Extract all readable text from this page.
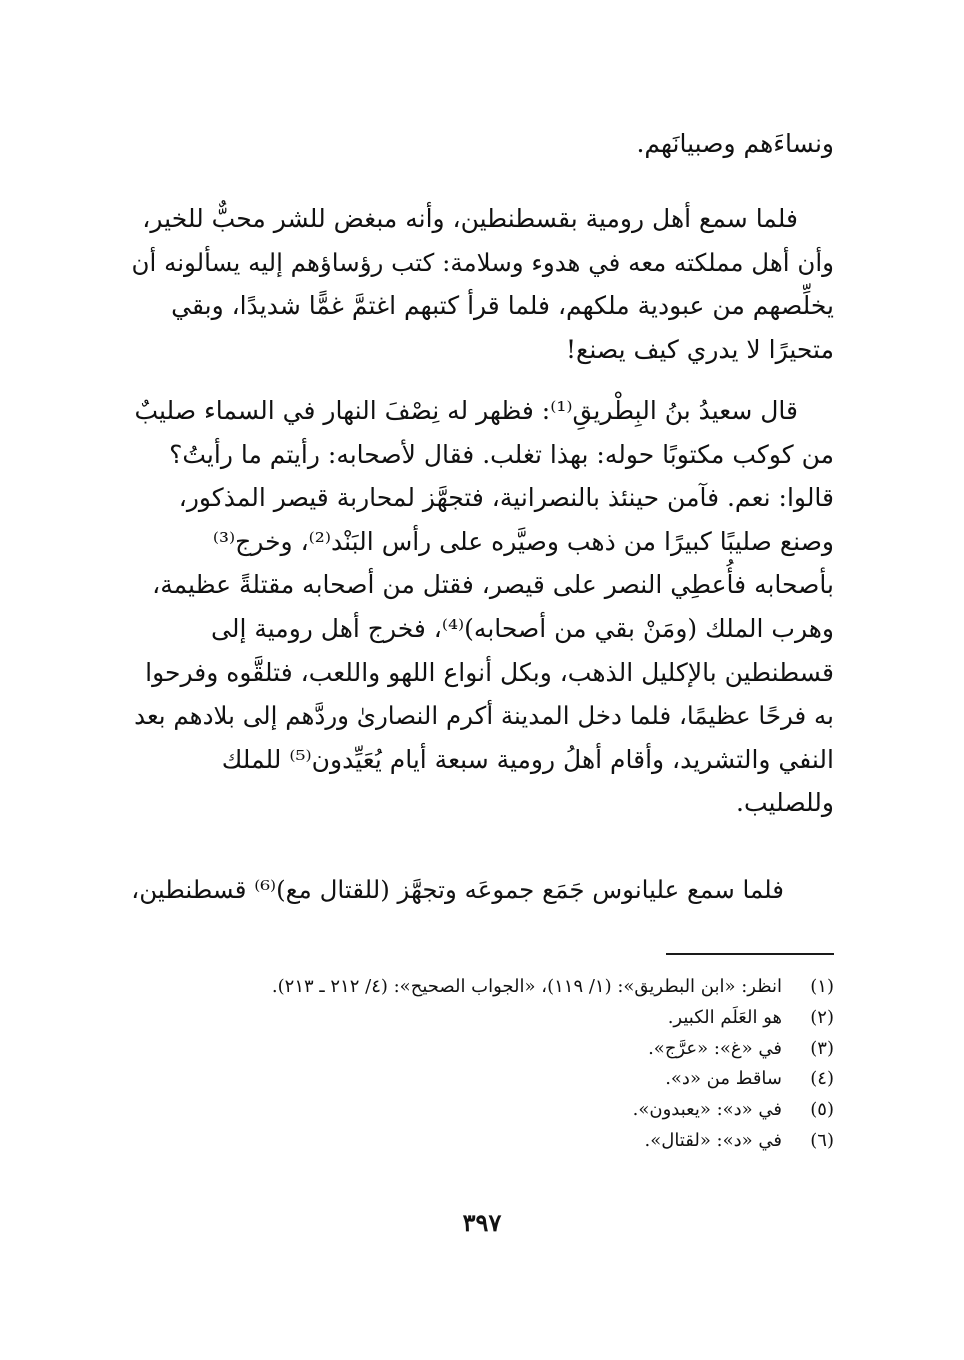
ونساءَهم وصبيانَهم.
فلما سمع أهل رومية بقسطنطين، وأنه مبغض للشر محبٌّ للخير،
وأن أهل مملكته معه في هدوء وسلامة: كتب رؤساؤهم إليه يسألونه أن
يخلِّصهم من عبودية ملكهم، فلما قرأ كتبهم اغتمَّ غمًّا شديدًا، وبقي
متحيرًا لا يدري كيف يصنع!
قال سعيدُ بنُ البِطْريقِ⁽¹⁾: فظهر له نِصْفَ النهار في السماء صليبٌ
من كوكب مكتوبًا حوله: بهذا تغلب. فقال لأصحابه: رأيتم ما رأيتُ؟
قالوا: نعم. فآمن حينئذ بالنصرانية، فتجهَّز لمحاربة قيصر المذكور،
وصنع صليبًا كبيرًا من ذهب وصيَّره على رأس البَنْد⁽²⁾، وخرج⁽³⁾
بأصحابه فأُعطِي النصر على قيصر، فقتل من أصحابه مقتلةً عظيمة،
وهرب الملك (ومَنْ بقي من أصحابه)⁽⁴⁾، فخرج أهل رومية إلى
قسطنطين بالإكليل الذهب، وبكل أنواع اللهو واللعب، فتلقَّوه وفرحوا
به فرحًا عظيمًا، فلما دخل المدينة أكرم النصارىٰ وردَّهم إلى بلادهم بعد
النفي والتشريد، وأقام أهلُ رومية سبعة أيام يُعَيِّدون⁽⁵⁾ للملك
وللصليب.
فلما سمع عليانوس جَمَع جموعَه وتجهَّز (للقتال مع)⁽⁶⁾ قسطنطين،
(١)انظر: «ابن البطريق»: (١/ ١١٩)، «الجواب الصحيح»: (٤/ ٢١٢ ـ ٢١٣).
(٢)هو العَلَم الكبير.
(٣)في «غ»: «عرَّج».
(٤)ساقط من «د».
(٥)في «د»: «يعبدون».
(٦)في «د»: «لقتال».
٣٩٧
